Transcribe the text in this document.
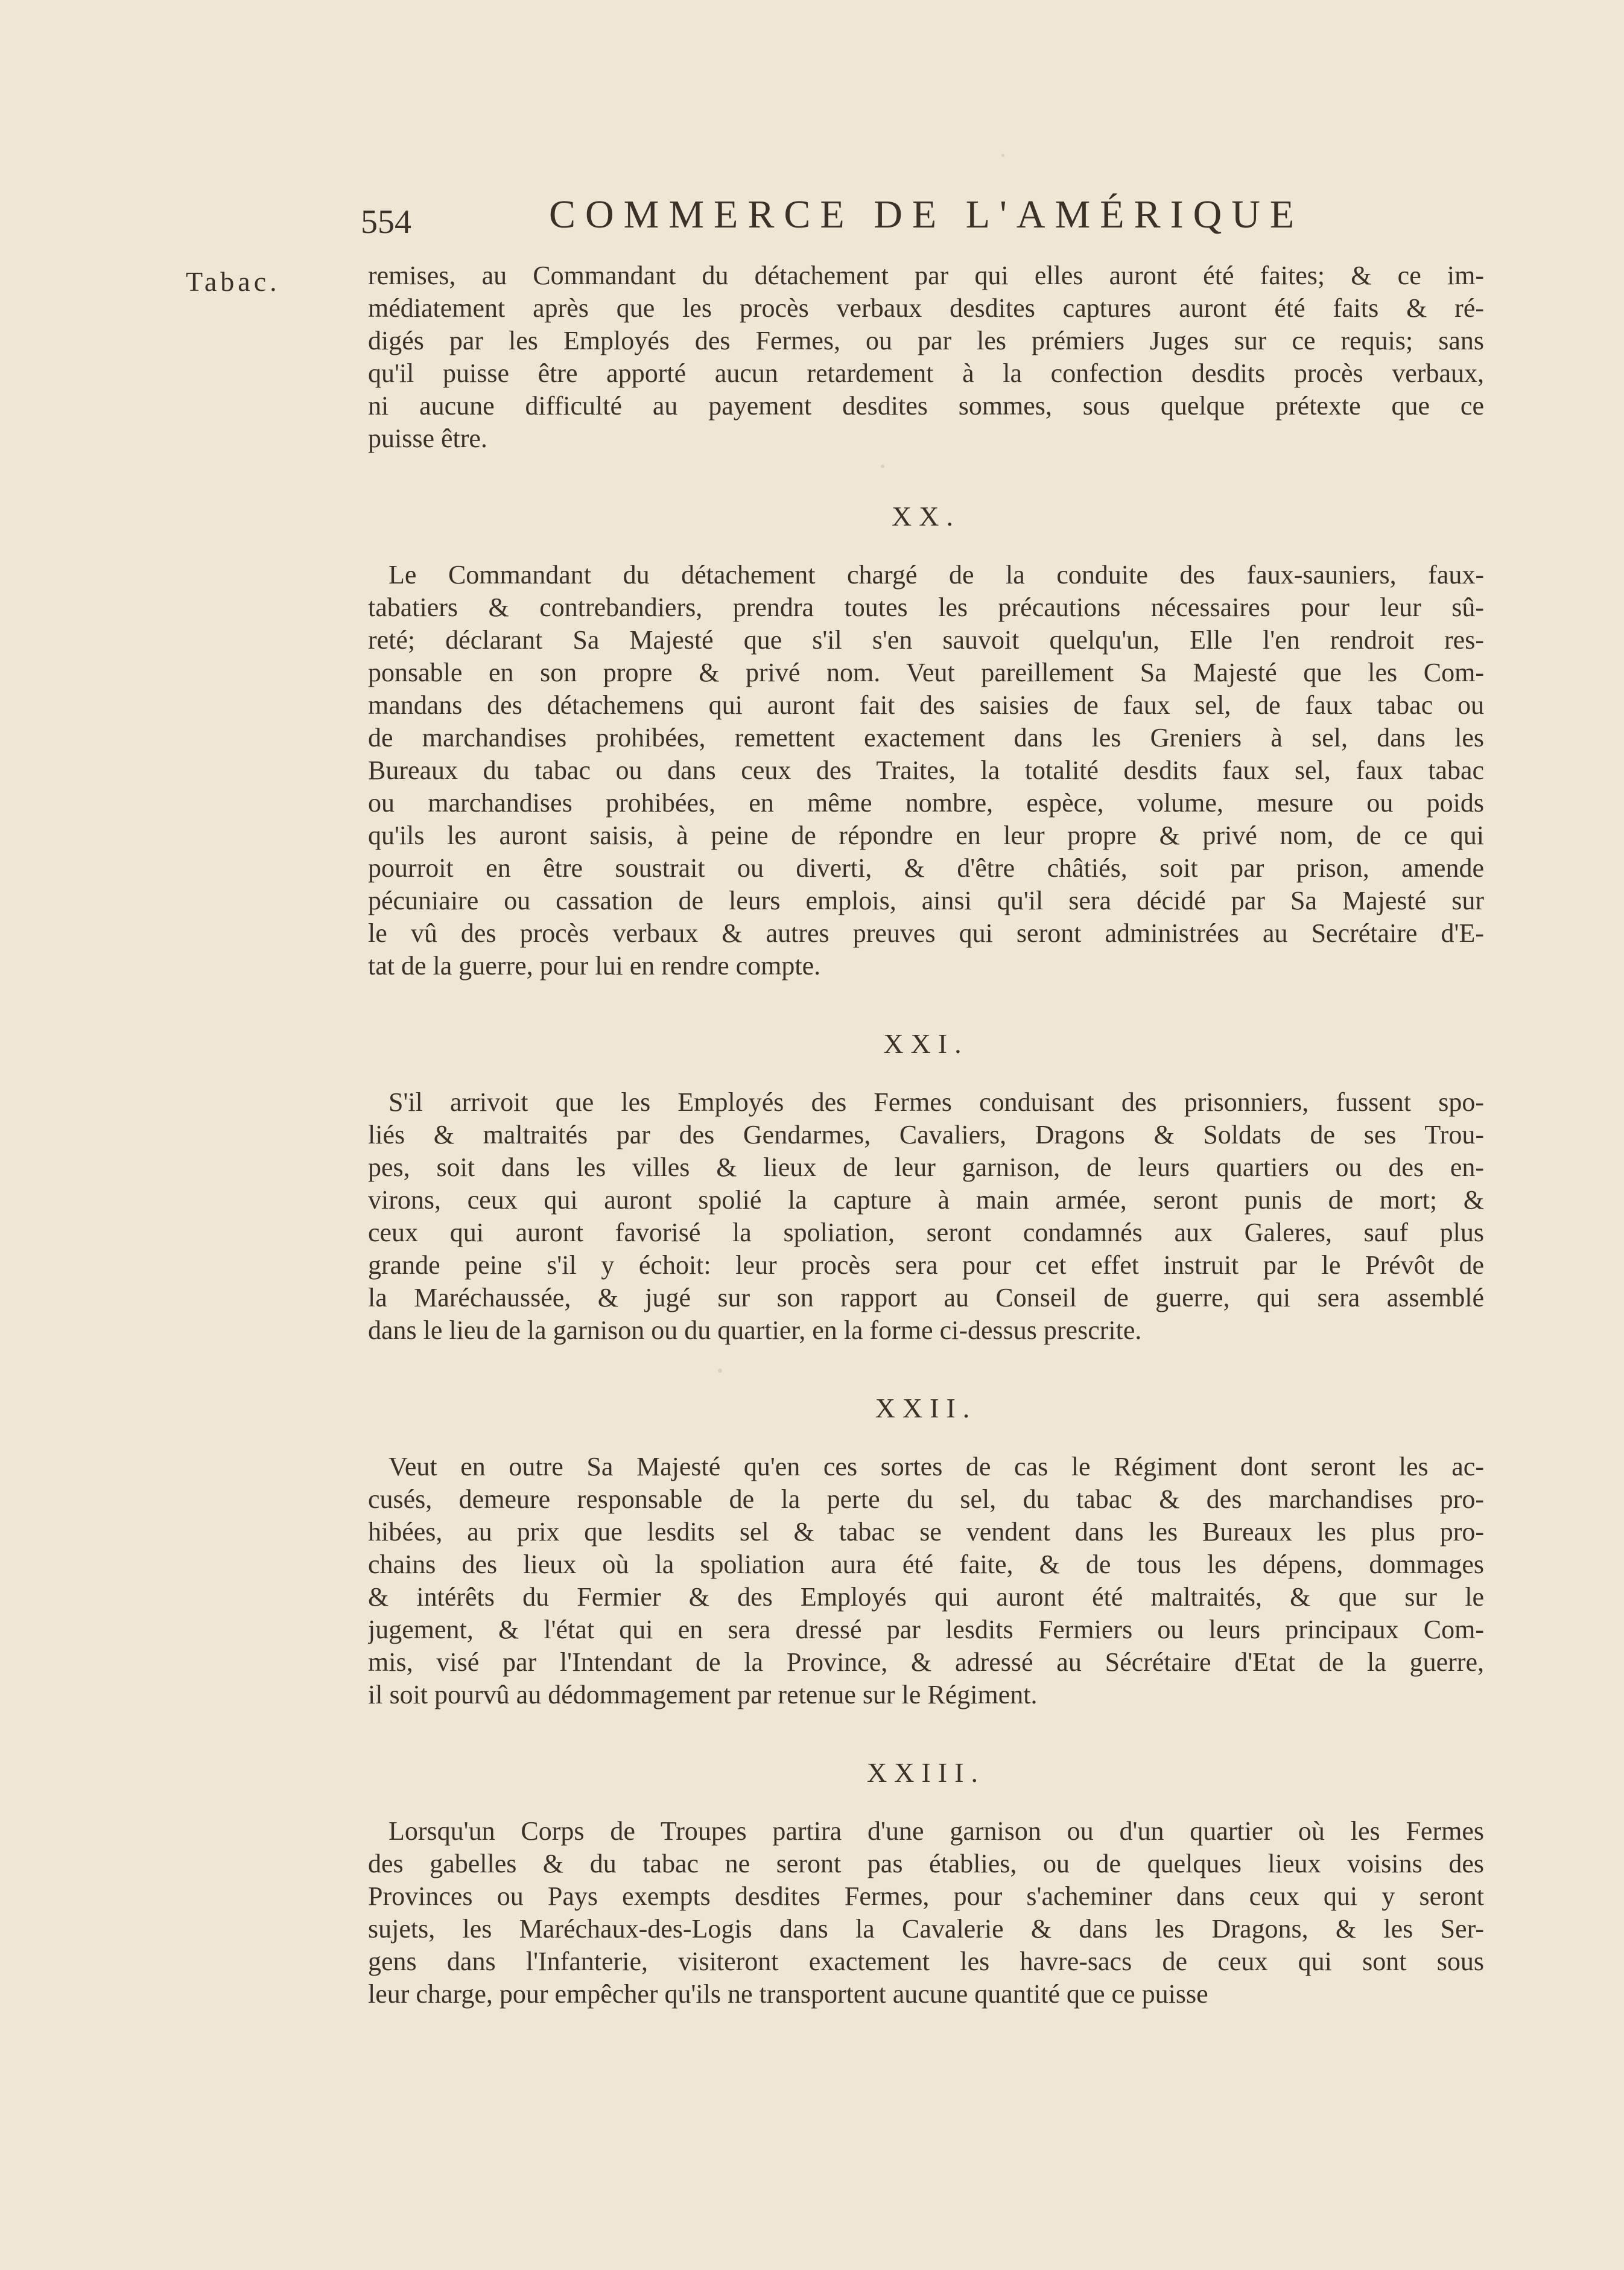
Tabac.
554	COMMERCE DE L'AMÉRIQUE
remises, au Commandant du détachement par qui elles auront été faites; & ce im-
médiatement après que les procès verbaux desdites captures auront été faits & ré-
digés par les Employés des Fermes, ou par les prémiers Juges sur ce requis; sans
qu'il puisse être apporté aucun retardement à la confection desdits procès verbaux,
ni aucune difficulté au payement desdites sommes, sous quelque prétexte que ce
puisse être.
XX.
Le Commandant du détachement chargé de la conduite des faux-sauniers, faux-
tabatiers & contrebandiers, prendra toutes les précautions nécessaires pour leur sû-
reté; déclarant Sa Majesté que s'il s'en sauvoit quelqu'un, Elle l'en rendroit res-
ponsable en son propre & privé nom. Veut pareillement Sa Majesté que les Com-
mandans des détachemens qui auront fait des saisies de faux sel, de faux tabac ou
de marchandises prohibées, remettent exactement dans les Greniers à sel, dans les
Bureaux du tabac ou dans ceux des Traites, la totalité desdits faux sel, faux tabac
ou marchandises prohibées, en même nombre, espèce, volume, mesure ou poids
qu'ils les auront saisis, à peine de répondre en leur propre & privé nom, de ce qui
pourroit en être soustrait ou diverti, & d'être châtiés, soit par prison, amende
pécuniaire ou cassation de leurs emplois, ainsi qu'il sera décidé par Sa Majesté sur
le vû des procès verbaux & autres preuves qui seront administrées au Secrétaire d'E-
tat de la guerre, pour lui en rendre compte.
XXI.
S'il arrivoit que les Employés des Fermes conduisant des prisonniers, fussent spo-
liés & maltraités par des Gendarmes, Cavaliers, Dragons & Soldats de ses Trou-
pes, soit dans les villes & lieux de leur garnison, de leurs quartiers ou des en-
virons, ceux qui auront spolié la capture à main armée, seront punis de mort; &
ceux qui auront favorisé la spoliation, seront condamnés aux Galeres, sauf plus
grande peine s'il y échoit: leur procès sera pour cet effet instruit par le Prévôt de
la Maréchaussée, & jugé sur son rapport au Conseil de guerre, qui sera assemblé
dans le lieu de la garnison ou du quartier, en la forme ci-dessus prescrite.
XXII.
Veut en outre Sa Majesté qu'en ces sortes de cas le Régiment dont seront les ac-
cusés, demeure responsable de la perte du sel, du tabac & des marchandises pro-
hibées, au prix que lesdits sel & tabac se vendent dans les Bureaux les plus pro-
chains des lieux où la spoliation aura été faite, & de tous les dépens, dommages
& intérêts du Fermier & des Employés qui auront été maltraités, & que sur le
jugement, & l'état qui en sera dressé par lesdits Fermiers ou leurs principaux Com-
mis, visé par l'Intendant de la Province, & adressé au Sécrétaire d'Etat de la guerre,
il soit pourvû au dédommagement par retenue sur le Régiment.
XXIII.
Lorsqu'un Corps de Troupes partira d'une garnison ou d'un quartier où les Fermes
des gabelles & du tabac ne seront pas établies, ou de quelques lieux voisins des
Provinces ou Pays exempts desdites Fermes, pour s'acheminer dans ceux qui y seront
sujets, les Maréchaux-des-Logis dans la Cavalerie & dans les Dragons, & les Ser-
gens dans l'Infanterie, visiteront exactement les havre-sacs de ceux qui sont sous
leur charge, pour empêcher qu'ils ne transportent aucune quantité que ce puisse
